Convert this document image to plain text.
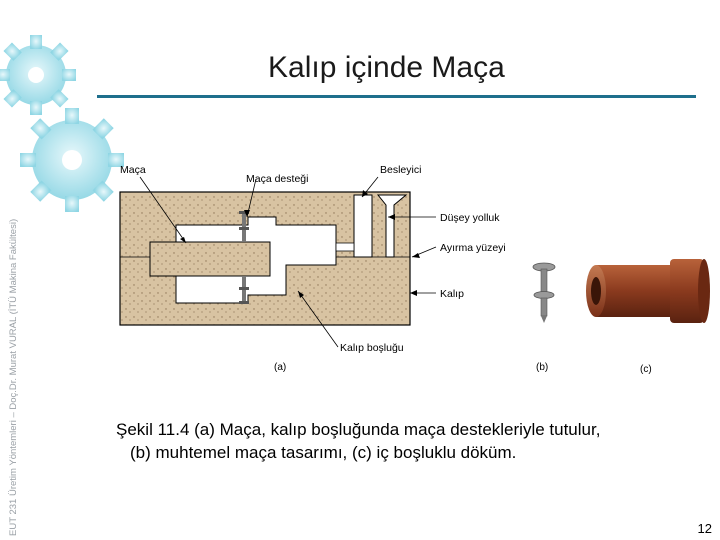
EUT 231 Üretim Yöntemleri – Doç.Dr. Murat VURAL (İTÜ Makina Fakültesi)
Kalıp içinde Maça
Maça
Maça desteği
Besleyici
Düşey yolluk
Ayırma yüzeyi
Kalıp
Kalıp boşluğu
(a)	(b)	(c)
Şekil 11.4 (a) Maça, kalıp boşluğunda maça destekleriyle tutulur,
(b) muhtemel maça tasarımı, (c) iç boşluklu döküm.
12
